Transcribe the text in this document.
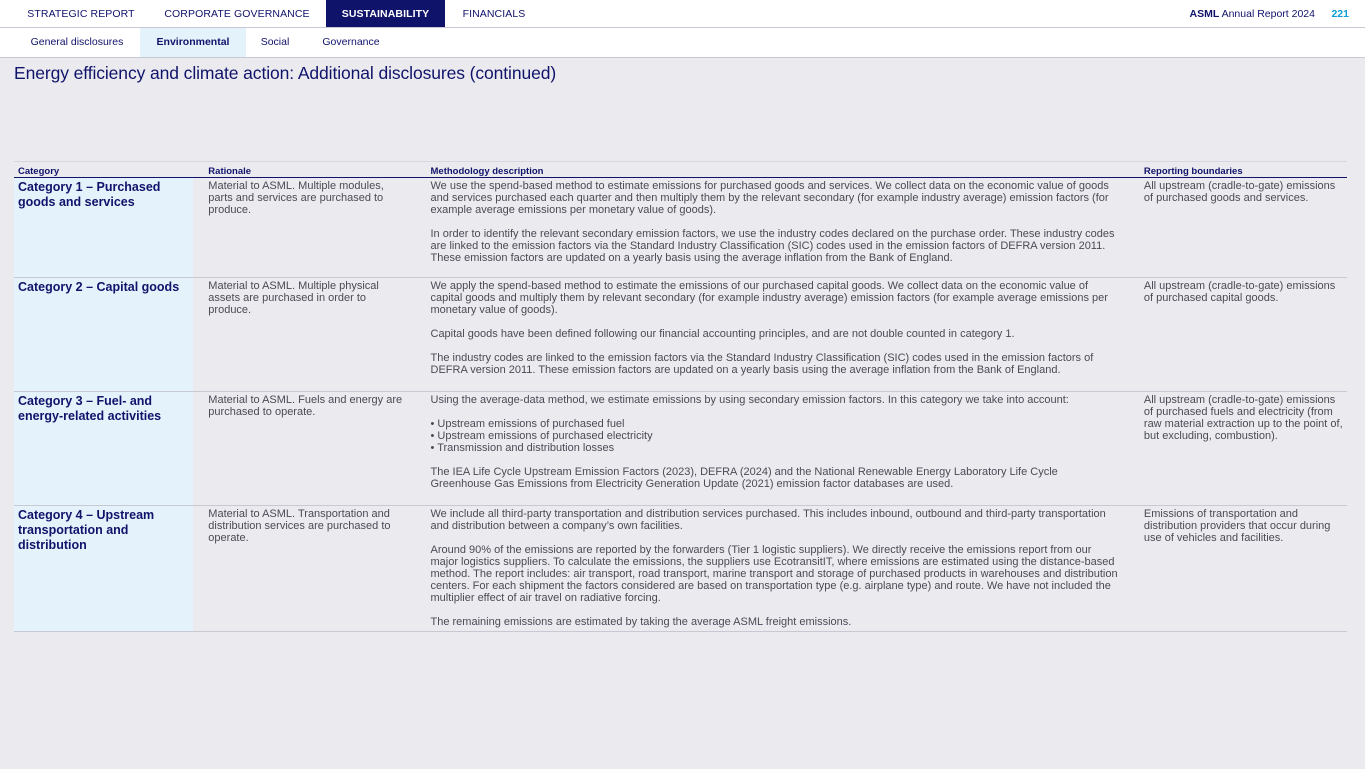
STRATEGIC REPORT	CORPORATE GOVERNANCE	SUSTAINABILITY	FINANCIALS	ASML Annual Report 2024 221
General disclosures	Environmental	Social	Governance
Energy efficiency and climate action: Additional disclosures (continued)
Category	Rationale	Methodology description	Reporting boundaries
Category 1 – Purchased goods and services	Material to ASML. Multiple modules, parts and services are purchased to produce.	We use the spend-based method to estimate emissions for purchased goods and services. We collect data on the economic value of goods and services purchased each quarter and then multiply them by the relevant secondary (for example industry average) emission factors (for example average emissions per monetary value of goods).

In order to identify the relevant secondary emission factors, we use the industry codes declared on the purchase order. These industry codes are linked to the emission factors via the Standard Industry Classification (SIC) codes used in the emission factors of DEFRA version 2011. These emission factors are updated on a yearly basis using the average inflation from the Bank of England.	All upstream (cradle-to-gate) emissions of purchased goods and services.
Category 2 – Capital goods	Material to ASML. Multiple physical assets are purchased in order to produce.	We apply the spend-based method to estimate the emissions of our purchased capital goods. We collect data on the economic value of capital goods and multiply them by relevant secondary (for example industry average) emission factors (for example average emissions per monetary value of goods).

Capital goods have been defined following our financial accounting principles, and are not double counted in category 1.

The industry codes are linked to the emission factors via the Standard Industry Classification (SIC) codes used in the emission factors of DEFRA version 2011. These emission factors are updated on a yearly basis using the average inflation from the Bank of England.	All upstream (cradle-to-gate) emissions of purchased capital goods.
Category 3 – Fuel- and energy-related activities	Material to ASML. Fuels and energy are purchased to operate.	Using the average-data method, we estimate emissions by using secondary emission factors. In this category we take into account:

• Upstream emissions of purchased fuel
• Upstream emissions of purchased electricity
• Transmission and distribution losses

The IEA Life Cycle Upstream Emission Factors (2023), DEFRA (2024) and the National Renewable Energy Laboratory Life Cycle Greenhouse Gas Emissions from Electricity Generation Update (2021) emission factor databases are used.	All upstream (cradle-to-gate) emissions of purchased fuels and electricity (from raw material extraction up to the point of, but excluding, combustion).
Category 4 – Upstream transportation and distribution	Material to ASML. Transportation and distribution services are purchased to operate.	We include all third-party transportation and distribution services purchased. This includes inbound, outbound and third-party transportation and distribution between a company’s own facilities.

Around 90% of the emissions are reported by the forwarders (Tier 1 logistic suppliers). We directly receive the emissions report from our major logistics suppliers. To calculate the emissions, the suppliers use EcotransitIT, where emissions are estimated using the distance-based method. The report includes: air transport, road transport, marine transport and storage of purchased products in warehouses and distribution centers. For each shipment the factors considered are based on transportation type (e.g. airplane type) and route. We have not included the multiplier effect of air travel on radiative forcing.

The remaining emissions are estimated by taking the average ASML freight emissions.	Emissions of transportation and distribution providers that occur during use of vehicles and facilities.
